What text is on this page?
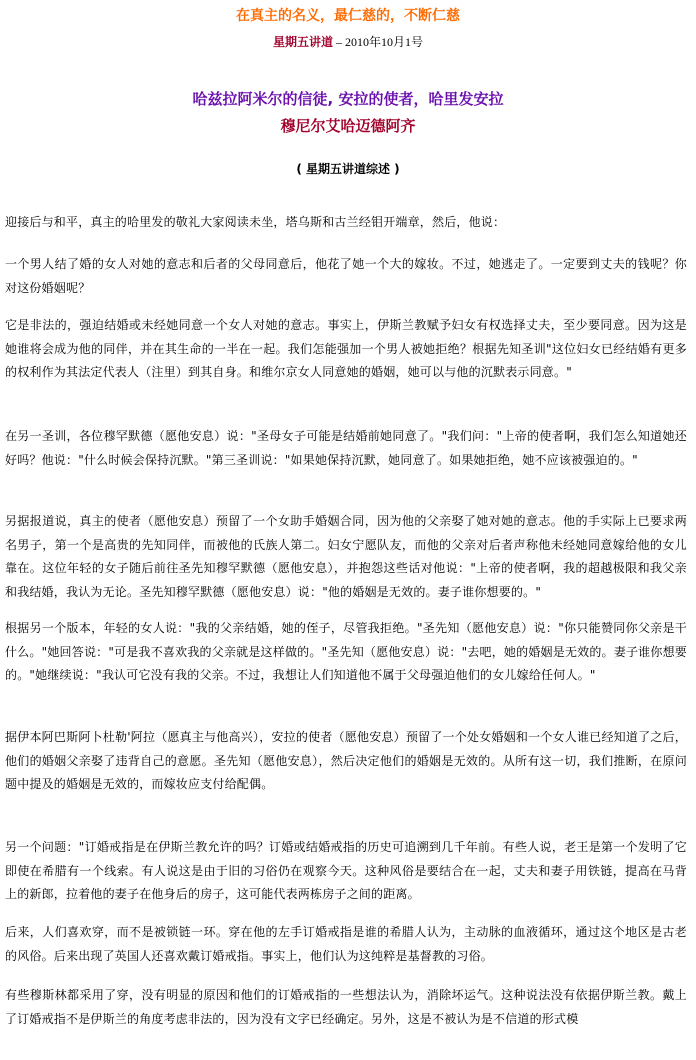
在真主的名义，最仁慈的，不断仁慈
星期五讲道 – 2010年10月1号
哈兹拉阿米尔的信徒, 安拉的使者，哈里发安拉
穆尼尔艾哈迈德阿齐
( 星期五讲道综述 )

迎接后与和平，真主的哈里发的敬礼大家阅读未坐，塔乌斯和古兰经钼开端章，然后，他说：

一个男人结了婚的女人对她的意志和后者的父母同意后，他花了她一个大的嫁妆。不过，她逃走了。一定要到丈夫的钱呢？你对这份婚姻呢？

它是非法的，强迫结婚或未经她同意一个女人对她的意志。事实上，伊斯兰教赋予妇女有权选择丈夫，至少要同意。因为这是她谁将会成为他的同伴，并在其生命的一半在一起。我们怎能强加一个男人被她拒绝？根据先知圣训"这位妇女已经结婚有更多的权利作为其法定代表人（注里）到其自身。和维尔京女人同意她的婚姻，她可以与他的沉默表示同意。"

在另一圣训，各位穆罕默德（愿他安息）说："圣母女子可能是结婚前她同意了。"我们问："上帝的使者啊，我们怎么知道她还好吗？他说："什么时候会保持沉默。"第三圣训说："如果她保持沉默，她同意了。如果她拒绝，她不应该被强迫的。"

另据报道说，真主的使者（愿他安息）预留了一个女助手婚姻合同，因为他的父亲娶了她对她的意志。他的手实际上已要求两名男子，第一个是高贵的先知同伴，而被他的氏族人第二。妇女宁愿队友，而他的父亲对后者声称他未经她同意嫁给他的女儿靠在。这位年轻的女子随后前往圣先知穆罕默德（愿他安息），并抱怨这些话对他说："上帝的使者啊，我的超越极限和我父亲和我结婚，我认为无论。圣先知穆罕默德（愿他安息）说："他的婚姻是无效的。妻子谁你想要的。"

根据另一个版本，年轻的女人说："我的父亲结婚，她的侄子，尽管我拒绝。"圣先知（愿他安息）说："你只能赞同你父亲是干什么。"她回答说："可是我不喜欢我的父亲就是这样做的。"圣先知（愿他安息）说："去吧，她的婚姻是无效的。妻子谁你想要的。"她继续说："我认可它没有我的父亲。不过，我想让人们知道他不属于父母强迫他们的女儿嫁给任何人。"

据伊本阿巴斯阿卜杜勒'阿拉（愿真主与他高兴），安拉的使者（愿他安息）预留了一个处女婚姻和一个女人谁已经知道了之后，他们的婚姻父亲娶了违背自己的意愿。圣先知（愿他安息），然后决定他们的婚姻是无效的。从所有这一切，我们推断，在原问题中提及的婚姻是无效的，而嫁妆应支付给配偶。

另一个问题："订婚戒指是在伊斯兰教允许的吗？订婚或结婚戒指的历史可追溯到几千年前。有些人说，老王是第一个发明了它即使在希腊有一个线索。有人说这是由于旧的习俗仍在观察今天。这种风俗是要结合在一起，丈夫和妻子用铁链，提高在马背上的新郎，拉着他的妻子在他身后的房子，这可能代表两栋房子之间的距离。

后来，人们喜欢穿，而不是被锁链一环。穿在他的左手订婚戒指是谁的希腊人认为，主动脉的血液循环，通过这个地区是古老的风俗。后来出现了英国人还喜欢戴订婚戒指。事实上，他们认为这纯粹是基督教的习俗。

有些穆斯林都采用了穿，没有明显的原因和他们的订婚戒指的一些想法认为，消除坏运气。这种说法没有依据伊斯兰教。戴上了订婚戒指不是伊斯兰的角度考虑非法的，因为没有文字已经确定。另外，这是不被认为是不信道的形式模
